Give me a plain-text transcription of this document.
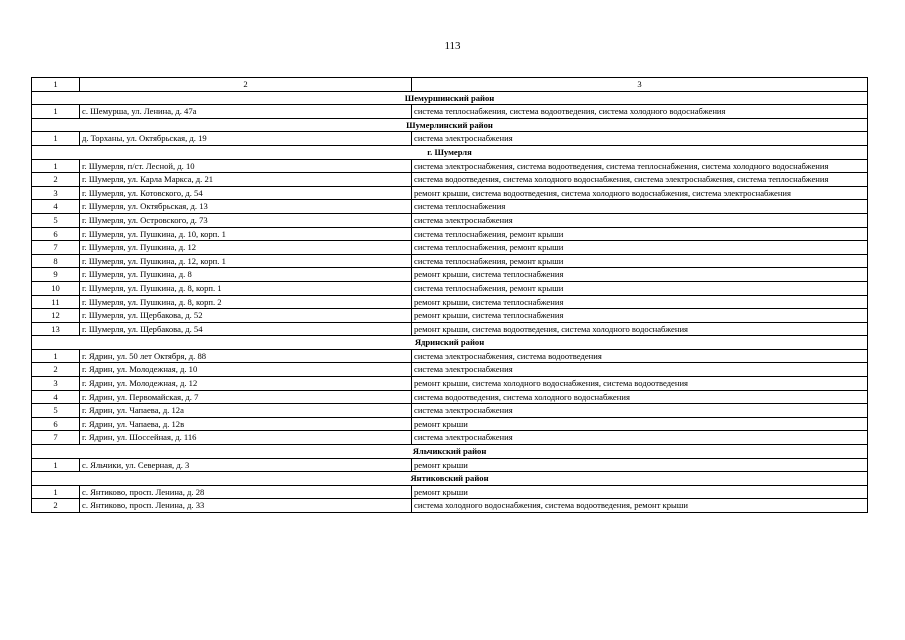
113
1	2	3
Шемуршинский район		
1	с. Шемурша, ул. Ленина, д. 47а	система теплоснабжения, система водоотведения, система холодного водоснабжения
Шумерлинский район		
1	д. Торханы, ул. Октябрьская, д. 19	система электроснабжения
г. Шумерля		
1	г. Шумерля, п/ст. Лесной, д. 10	система электроснабжения, система водоотведения, система теплоснабжения, система холодного водоснабжения
2	г. Шумерля, ул. Карла Маркса, д. 21	система водоотведения, система холодного водоснабжения, система электроснабжения, система теплоснабжения
3	г. Шумерля, ул. Котовского, д. 54	ремонт крыши, система водоотведения, система холодного водоснабжения, система электроснабжения
4	г. Шумерля, ул. Октябрьская, д. 13	система теплоснабжения
5	г. Шумерля, ул. Островского, д. 73	система электроснабжения
6	г. Шумерля, ул. Пушкина, д. 10, корп. 1	система теплоснабжения, ремонт крыши
7	г. Шумерля, ул. Пушкина, д. 12	система теплоснабжения, ремонт крыши
8	г. Шумерля, ул. Пушкина, д. 12, корп. 1	система теплоснабжения, ремонт крыши
9	г. Шумерля, ул. Пушкина, д. 8	ремонт крыши, система теплоснабжения
10	г. Шумерля, ул. Пушкина, д. 8, корп. 1	система теплоснабжения, ремонт крыши
11	г. Шумерля, ул. Пушкина, д. 8, корп. 2	ремонт крыши, система теплоснабжения
12	г. Шумерля, ул. Щербакова, д. 52	ремонт крыши, система теплоснабжения
13	г. Шумерля, ул. Щербакова, д. 54	ремонт крыши, система водоотведения, система холодного водоснабжения
Ядринский район		
1	г. Ядрин, ул. 50 лет Октября, д. 88	система электроснабжения, система водоотведения
2	г. Ядрин, ул. Молодежная, д. 10	система электроснабжения
3	г. Ядрин, ул. Молодежная, д. 12	ремонт крыши, система холодного водоснабжения, система водоотведения
4	г. Ядрин, ул. Первомайская, д. 7	система водоотведения, система холодного водоснабжения
5	г. Ядрин, ул. Чапаева, д. 12а	система электроснабжения
6	г. Ядрин, ул. Чапаева, д. 12в	ремонт крыши
7	г. Ядрин, ул. Шоссейная, д. 116	система электроснабжения
Яльчикский район		
1	с. Яльчики, ул. Северная, д. 3	ремонт крыши
Янтиковский район		
1	с. Янтиково, просп. Ленина, д. 28	ремонт крыши
2	с. Янтиково, просп. Ленина, д. 33	система холодного водоснабжения, система водоотведения, ремонт крыши
